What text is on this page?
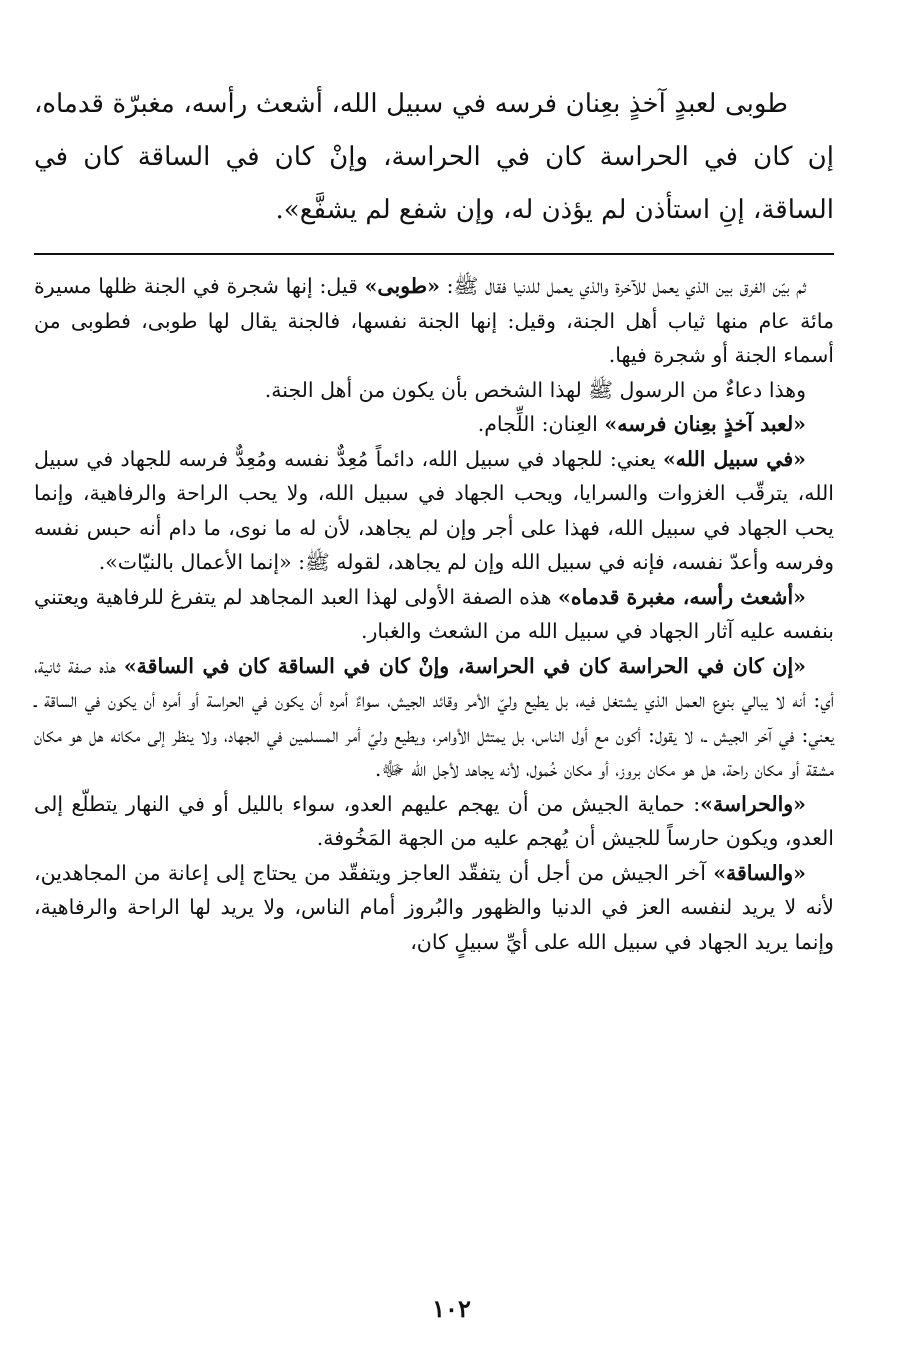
طوبى لعبدٍ آخذٍ بعِنان فرسه في سبيل الله، أشعث رأسه، مغبرّة قدماه، إن كان في الحراسة كان في الحراسة، وإنْ كان في الساقة كان في الساقة، إنِ استأذن لم يؤذن له، وإن شفع لم يشفَّع».

ثم بيّن الفرق بين الذي يعمل للآخرة والذي يعمل للدنيا فقال ﷺ: «طوبى» قيل: إنها شجرة في الجنة ظلها مسيرة مائة عام منها ثياب أهل الجنة، وقيل: إنها الجنة نفسها، فالجنة يقال لها طوبى، فطوبى من أسماء الجنة أو شجرة فيها.

وهذا دعاءٌ من الرسول ﷺ لهذا الشخص بأن يكون من أهل الجنة.

«لعبد آخذٍ بعِنان فرسه» العِنان: اللِّجام.

«في سبيل الله» يعني: للجهاد في سبيل الله، دائماً مُعِدٌّ نفسه ومُعِدٌّ فرسه للجهاد في سبيل الله، يترقّب الغزوات والسرايا، ويحب الجهاد في سبيل الله، ولا يحب الراحة والرفاهية، وإنما يحب الجهاد في سبيل الله، فهذا على أجر وإن لم يجاهد، لأن له ما نوى، ما دام أنه حبس نفسه وفرسه وأعدّ نفسه، فإنه في سبيل الله وإن لم يجاهد، لقوله ﷺ: «إنما الأعمال بالنيّات».

«أشعث رأسه، مغبرة قدماه» هذه الصفة الأولى لهذا العبد المجاهد لم يتفرغ للرفاهية ويعتني بنفسه عليه آثار الجهاد في سبيل الله من الشعث والغبار.

«إن كان في الحراسة كان في الحراسة، وإنْ كان في الساقة كان في الساقة» هذه صفة ثانية، أي: أنه لا يبالي بنوع العمل الذي يشتغل فيه، بل يطيع وليّ الأمر وقائد الجيش، سواءٌ أمره أن يكون في الحراسة أو أمره أن يكون في الساقة ـ يعني: في آخر الجيش ـ، لا يقول: أكون مع أول الناس، بل يمتثل الأوامر، ويطيع وليّ أمر المسلمين في الجهاد، ولا ينظر إلى مكانه هل هو مكان مشقة أو مكان راحة، هل هو مكان بروز، أو مكان خُمول، لأنه يجاهد لأجل الله ﷻ.

«والحراسة»: حماية الجيش من أن يهجم عليهم العدو، سواء بالليل أو في النهار يتطلّع إلى العدو، ويكون حارساً للجيش أن يُهجم عليه من الجهة المَخُوفة.

«والساقة» آخر الجيش من أجل أن يتفقّد العاجز ويتفقّد من يحتاج إلى إعانة من المجاهدين، لأنه لا يريد لنفسه العز في الدنيا والظهور والبُروز أمام الناس، ولا يريد لها الراحة والرفاهية، وإنما يريد الجهاد في سبيل الله على أيِّ سبيلٍ كان،

١٠٢
